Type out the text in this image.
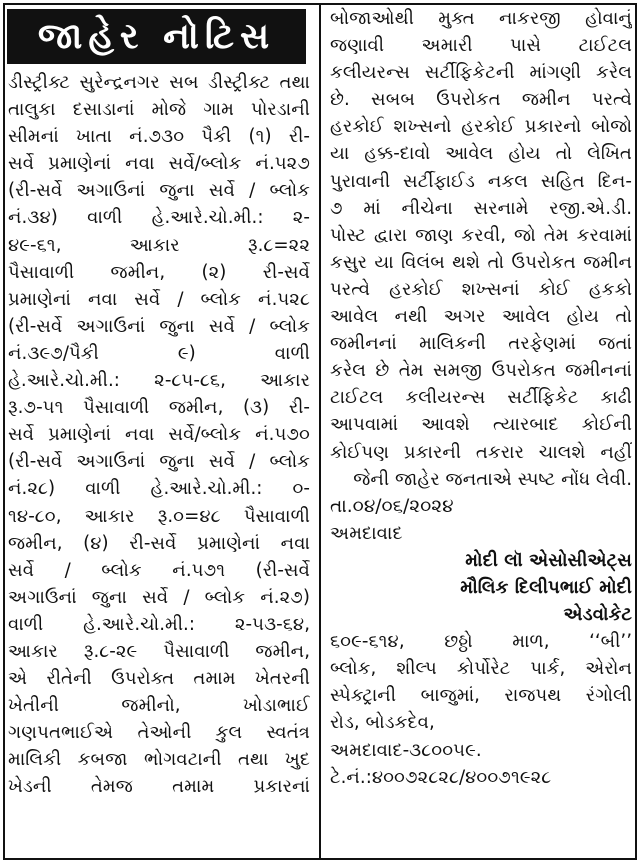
જાહેર નોટિસ
ડીસ્ટ્રીક્ટ સુરેન્દ્રનગર સબ ડીસ્ટ્રીક્ટ તથા
તાલુકા દસાડાનાં મોજે ગામ પોરડાની
સીમનાં ખાતા નં.૭૩૦ પૈકી (૧) રી-
સર્વે પ્રમાણેનાં નવા સર્વે/બ્લોક નં.૫૨૭
(રી-સર્વે અગાઉનાં જુના સર્વે / બ્લોક
નં.૩૪) વાળી હે.આરે.ચો.મી.: ૨-
૪૯-૬૧, આકાર રૂ.૮=૨૨
પૈસાવાળી જમીન, (૨) રી-સર્વે
પ્રમાણેનાં નવા સર્વે / બ્લોક નં.૫૨૮
(રી-સર્વે અગાઉનાં જુના સર્વે / બ્લોક
નં.૩૯૭/પૈકી ૯) વાળી
હે.આરે.ચો.મી.: ૨-૮૫-૮૬, આકાર
રૂ.૭-૫૧ પૈસાવાળી જમીન, (૩) રી-
સર્વે પ્રમાણેનાં નવા સર્વે/બ્લોક નં.૫૭૦
(રી-સર્વે અગાઉનાં જુના સર્વે / બ્લોક
નં.૨૮) વાળી હે.આરે.ચો.મી.: ૦-
૧૪-૮૦, આકાર રૂ.૦=૪૮ પૈસાવાળી
જમીન, (૪) રી-સર્વે પ્રમાણેનાં નવા
સર્વે / બ્લોક નં.૫૭૧ (રી-સર્વે
અગાઉનાં જુના સર્વે / બ્લોક નં.૨૭)
વાળી હે.આરે.ચો.મી.: ૨-૫૩-૬૪,
આકાર રૂ.૮-૨૯ પૈસાવાળી જમીન,
એ રીતેની ઉપરોક્ત તમામ ખેતરની
ખેતીની જમીનો, ખોડાભાઈ
ગણપતભાઈએ તેઓની કુલ સ્વતંત્ર
માલિકી કબજા ભોગવટાની તથા ખુદ
ખેડની તેમજ તમામ પ્રકારનાં
બોજાઓથી મુક્ત નાકરજી હોવાનું
જણાવી અમારી પાસે ટાઈટલ
કલીયરન્સ સર્ટીફિકેટની માંગણી કરેલ
છે. સબબ ઉપરોકત જમીન પરત્વે
હરકોઈ શખ્સનો હરકોઈ પ્રકારનો બોજો
યા હક્ક-દાવો આવેલ હોય તો લેખિત
પુરાવાની સર્ટીફાઈડ નકલ સહિત દિન-
૭ માં નીચેના સરનામે રજી.એ.ડી.
પોસ્ટ દ્વારા જાણ કરવી, જો તેમ કરવામાં
કસુર યા વિલંબ થશે તો ઉપરોકત જમીન
પરત્વે હરકોઈ શખ્સનાં કોઈ હકકો
આવેલ નથી અગર આવેલ હોય તો
જમીનનાં માલિકની તરફેણમાં જતાં
કરેલ છે તેમ સમજી ઉપરોકત જમીનનાં
ટાઈટલ કલીયરન્સ સર્ટીફિકેટ કાઢી
આપવામાં આવશે ત્યારબાદ કોઈની
કોઈપણ પ્રકારની તકરાર ચાલશે નહીં
જેની જાહેર જનતાએ સ્પષ્ટ નોંધ લેવી.
તા.૦૪/૦૬/૨૦૨૪
અમદાવાદ
મોદી લૉ એસોસીએટ્સ
મૌલિક દિલીપભાઈ મોદી
એડવોકેટ
૬૦૯-૬૧૪, છઠ્ઠો માળ, ‘‘બી’’
બ્લોક, શીલ્પ કોર્પોરેટ પાર્ક, એરોન
સ્પેક્ટ્રાની બાજુમાં, રાજપથ રંગોલી
રોડ, બોડકદેવ,
અમદાવાદ-૩૮૦૦૫૯.
ટે.નં.:૪૦૦૭૨૮૨૮/૪૦૦૭૧૯૨૮
